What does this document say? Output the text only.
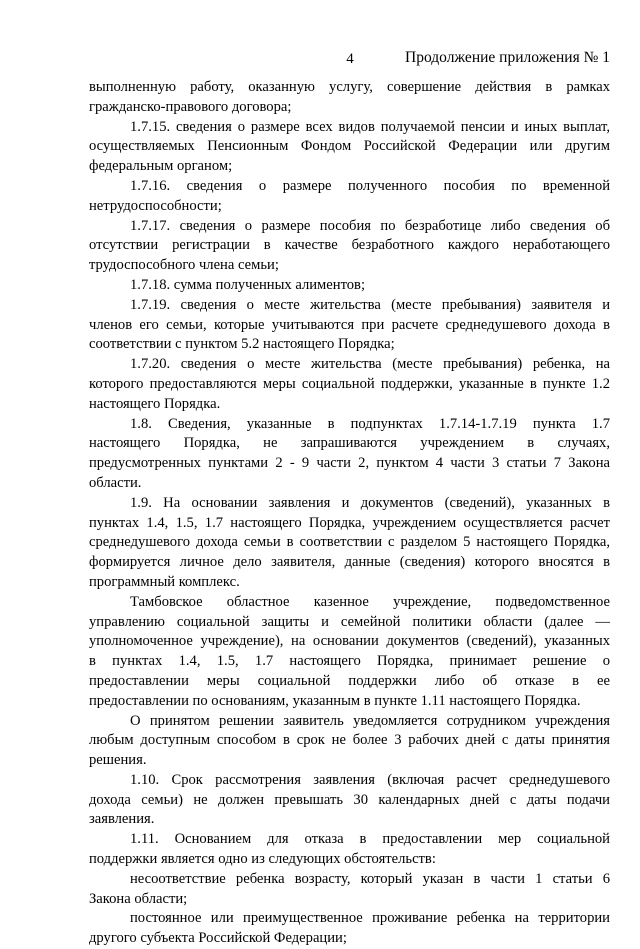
4	Продолжение приложения № 1
выполненную работу, оказанную услугу, совершение действия в рамках
гражданско-правового договора;
1.7.15. сведения о размере всех видов получаемой пенсии и иных выплат,
осуществляемых Пенсионным Фондом Российской Федерации или другим
федеральным органом;
1.7.16. сведения о размере полученного пособия по временной
нетрудоспособности;
1.7.17. сведения о размере пособия по безработице либо сведения об
отсутствии регистрации в качестве безработного каждого неработающего
трудоспособного члена семьи;
1.7.18. сумма полученных алиментов;
1.7.19. сведения о месте жительства (месте пребывания) заявителя и
членов его семьи, которые учитываются при расчете среднедушевого дохода в
соответствии с пунктом 5.2 настоящего Порядка;
1.7.20. сведения о месте жительства (месте пребывания) ребенка, на
которого предоставляются меры социальной поддержки, указанные в пункте 1.2
настоящего Порядка.
1.8. Сведения, указанные в подпунктах 1.7.14-1.7.19 пункта 1.7
настоящего Порядка, не запрашиваются учреждением в случаях,
предусмотренных пунктами 2 - 9 части 2, пунктом 4 части 3 статьи 7 Закона
области.
1.9. На основании заявления и документов (сведений), указанных в
пунктах 1.4, 1.5, 1.7 настоящего Порядка, учреждением осуществляется расчет
среднедушевого дохода семьи в соответствии с разделом 5 настоящего Порядка,
формируется личное дело заявителя, данные (сведения) которого вносятся в
программный комплекс.
Тамбовское областное казенное учреждение, подведомственное
управлению социальной защиты и семейной политики области (далее —
уполномоченное учреждение), на основании документов (сведений), указанных
в пунктах 1.4, 1.5, 1.7 настоящего Порядка, принимает решение о
предоставлении меры социальной поддержки либо об отказе в ее
предоставлении по основаниям, указанным в пункте 1.11 настоящего Порядка.
О принятом решении заявитель уведомляется сотрудником учреждения
любым доступным способом в срок не более 3 рабочих дней с даты принятия
решения.
1.10. Срок рассмотрения заявления (включая расчет среднедушевого
дохода семьи) не должен превышать 30 календарных дней с даты подачи
заявления.
1.11. Основанием для отказа в предоставлении мер социальной
поддержки является одно из следующих обстоятельств:
несоответствие ребенка возрасту, который указан в части 1 статьи 6
Закона области;
постоянное или преимущественное проживание ребенка на территории
другого субъекта Российской Федерации;
